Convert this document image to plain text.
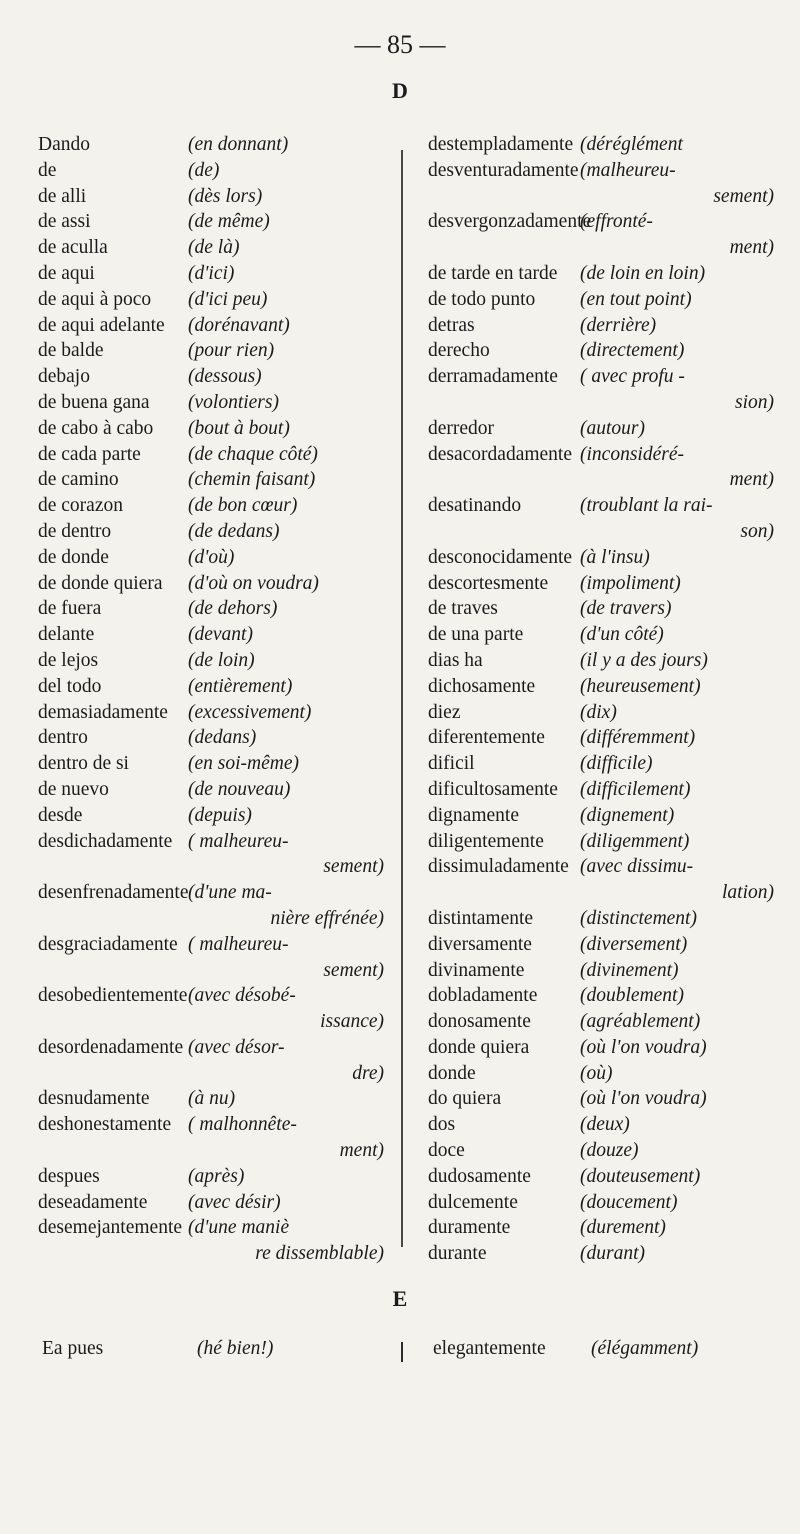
— 85 —
D
Dando	(en donnant)
de	(de)
de alli	(dès lors)
de assi	(de même)
de aculla	(de là)
de aqui	(d'ici)
de aqui à poco (d'ici peu)
de aqui adelante (dorénavant)
de balde	(pour rien)
debajo	(dessous)
de buena gana (volontiers)
de cabo à cabo (bout à bout)
de cada parte (de chaque côté)
de camino	(chemin faisant)
de corazon	(de bon cœur)
de dentro	(de dedans)
de donde	(d'où)
de donde quiera (d'où on voudra)
de fuera	(de dehors)
delante	(devant)
de lejos	(de loin)
del todo	(entièrement)
demasiadamente (excessivement)
dentro	(dedans)
dentro de si	(en soi-même)
de nuevo	(de nouveau)
desde	(depuis)
desdichadamente ( malheureu-
sement)
desenfrenadamente (d'une ma-
nière effrénée)
desgraciadamente ( malheureu-
sement)
desobedientemente (avec désobé-
issance)
desordenadamente (avec désor-
dre)
desnudamente (à nu)
deshonestamente ( malhonnête-
ment)
despues	(après)
deseadamente (avec désir)
desemejantemente (d'une maniè
re dissemblable)
destempladamente (déréglément
desventuradamente (malheureu-
sement)
desvergonzadamente
(effronté-
ment)
de tarde en tarde (de loin en loin)
de todo punto (en tout point)
detras	(derrière)
derecho	(directement)
derramadamente ( avec profu -
sion)
derredor	(autour)
desacordadamente (inconsidéré-
ment)
desatinando	(troublant la rai-
son)
desconocidamente (à l'insu)
descortesmente (impoliment)
de traves	(de travers)
de una parte	(d'un côté)
dias ha	(il y a des jours)
dichosamente (heureusement)
diez	(dix)
diferentemente (différemment)
dificil	(difficile)
dificultosamente (difficilement)
dignamente	(dignement)
diligentemente (diligemment)
dissimuladamente (avec dissimu-
lation)
distintamente (distinctement)
diversamente (diversement)
divinamente	(divinement)
dobladamente (doublement)
donosamente	(agréablement)
donde quiera	(où l'on voudra)
donde	(où)
do quiera	(où l'on voudra)
dos	(deux)
doce	(douze)
dudosamente	(douteusement)
dulcemente	(doucement)
duramente	(durement)
durante	(durant)
E
Ea pues	(hé bien!)	elegantemente (élégamment)
